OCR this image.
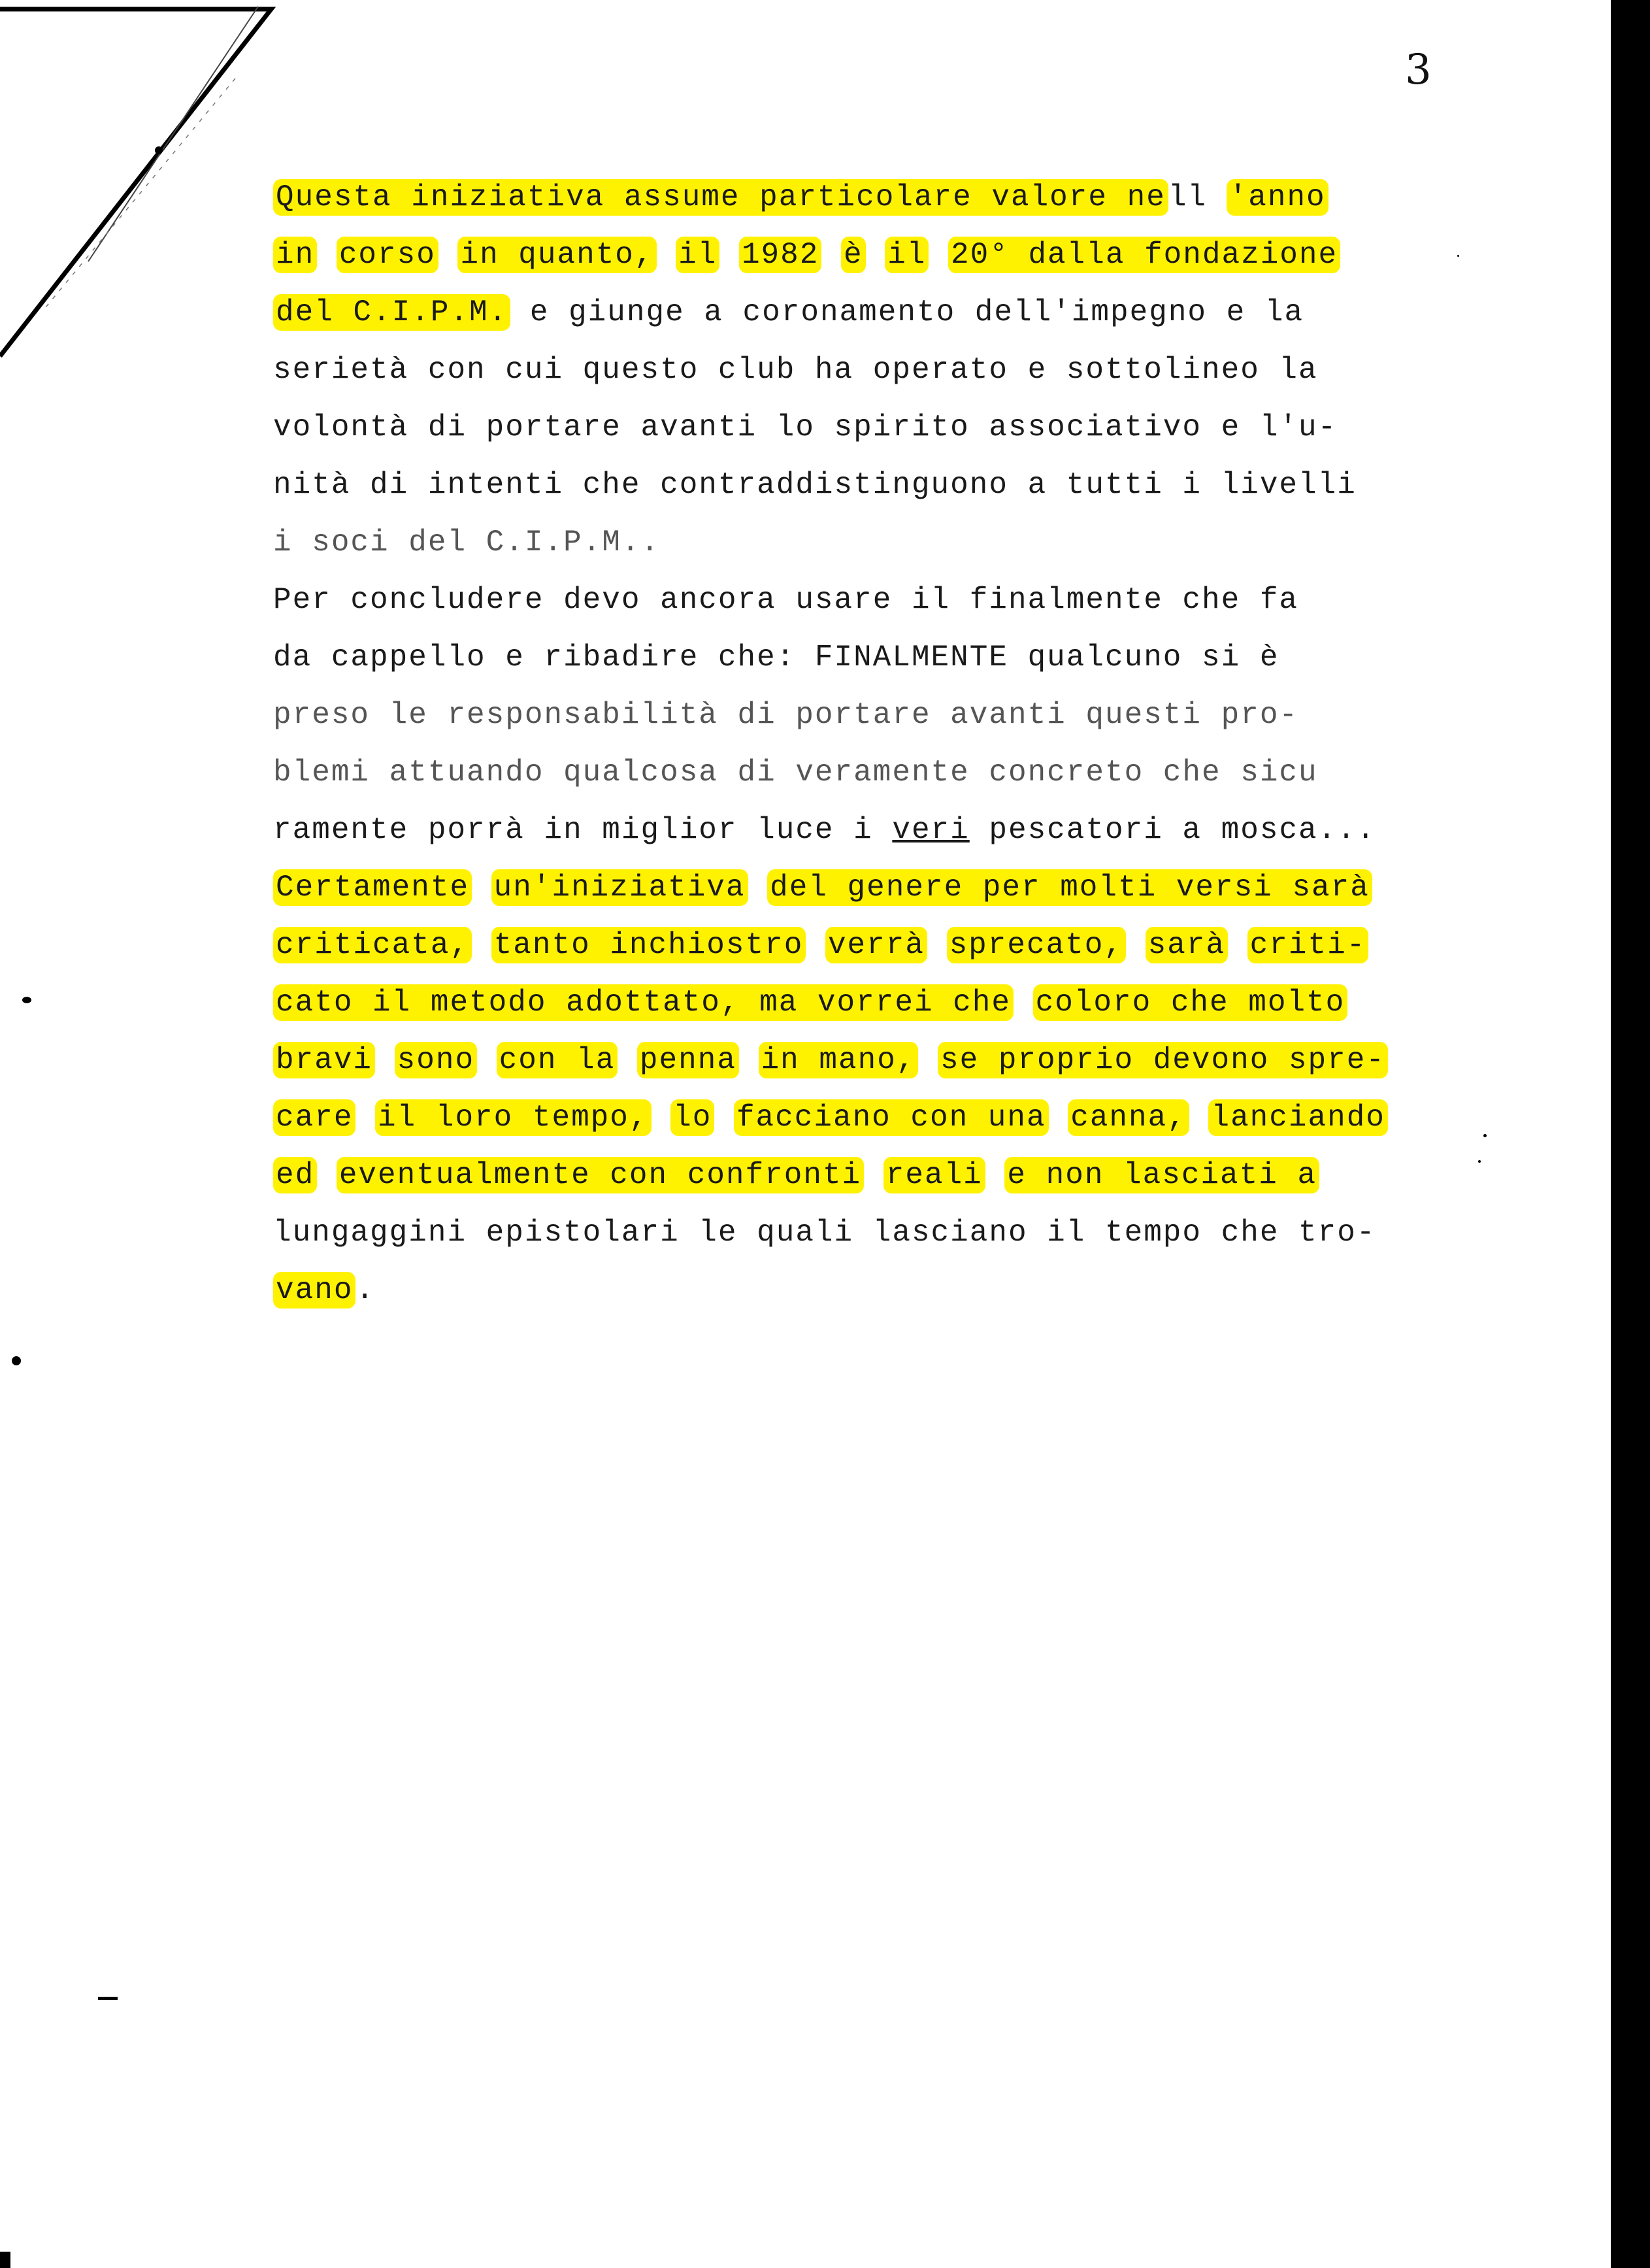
3
Questa iniziativa assume particolare valore nell 'anno
in corso in quanto, il 1982 è il 20° dalla fondazione
del C.I.P.M. e giunge a coronamento dell'impegno e la
serietà con cui questo club ha operato e sottolineo la
volontà di portare avanti lo spirito associativo e l'u-
nità di intenti che contraddistinguono a tutti i livelli
i soci del C.I.P.M..
Per concludere devo ancora usare il finalmente che fa
da cappello e ribadire che: FINALMENTE qualcuno si è
preso le responsabilità di portare avanti questi pro-
blemi attuando qualcosa di veramente concreto che sicu
ramente porrà in miglior luce i veri pescatori a mosca...
Certamente un'iniziativa del genere per molti versi sarà
criticata, tanto inchiostro verrà sprecato, sarà criti-
cato il metodo adottato, ma vorrei che coloro che molto
bravi sono con la penna in mano, se proprio devono spre-
care il loro tempo, lo facciano con una canna, lanciando
ed eventualmente con confronti reali e non lasciati a
lungaggini epistolari le quali lasciano il tempo che tro-
vano.
